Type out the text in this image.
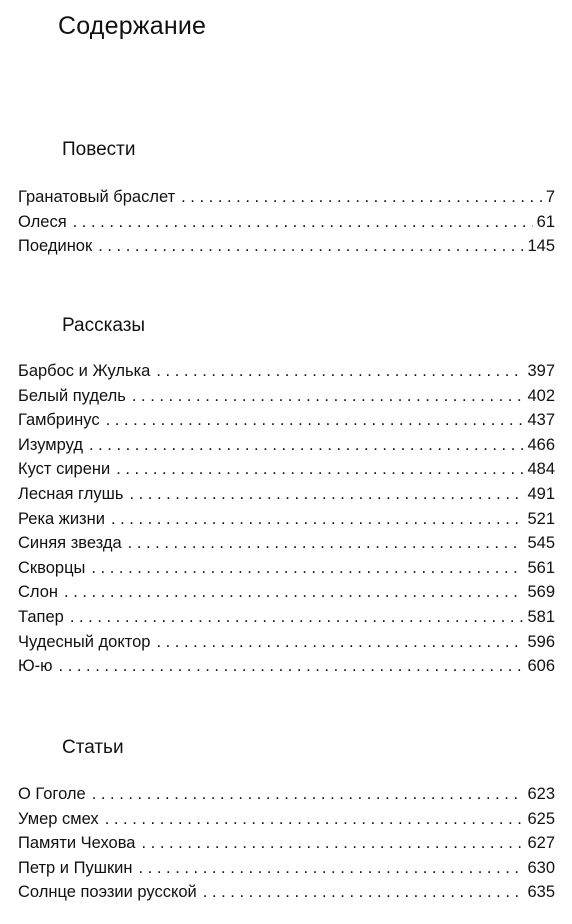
Содержание
Повести
Гранатовый браслет . . .	7
Олеся . . .	61
Поединок . . .	145
Рассказы
Барбос и Жулька . . .	397
Белый пудель . . .	402
Гамбринус . . .	437
Изумруд . . .	466
Куст сирени . . .	484
Лесная глушь . . .	491
Река жизни . . .	521
Синяя звезда . . .	545
Скворцы . . .	561
Слон . . .	569
Тапер . . .	581
Чудесный доктор . . .	596
Ю-ю . . .	606
Статьи
О Гоголе . . .	623
Умер смех . . .	625
Памяти Чехова . . .	627
Петр и Пушкин . . .	630
Солнце поэзии русской . . .	635
